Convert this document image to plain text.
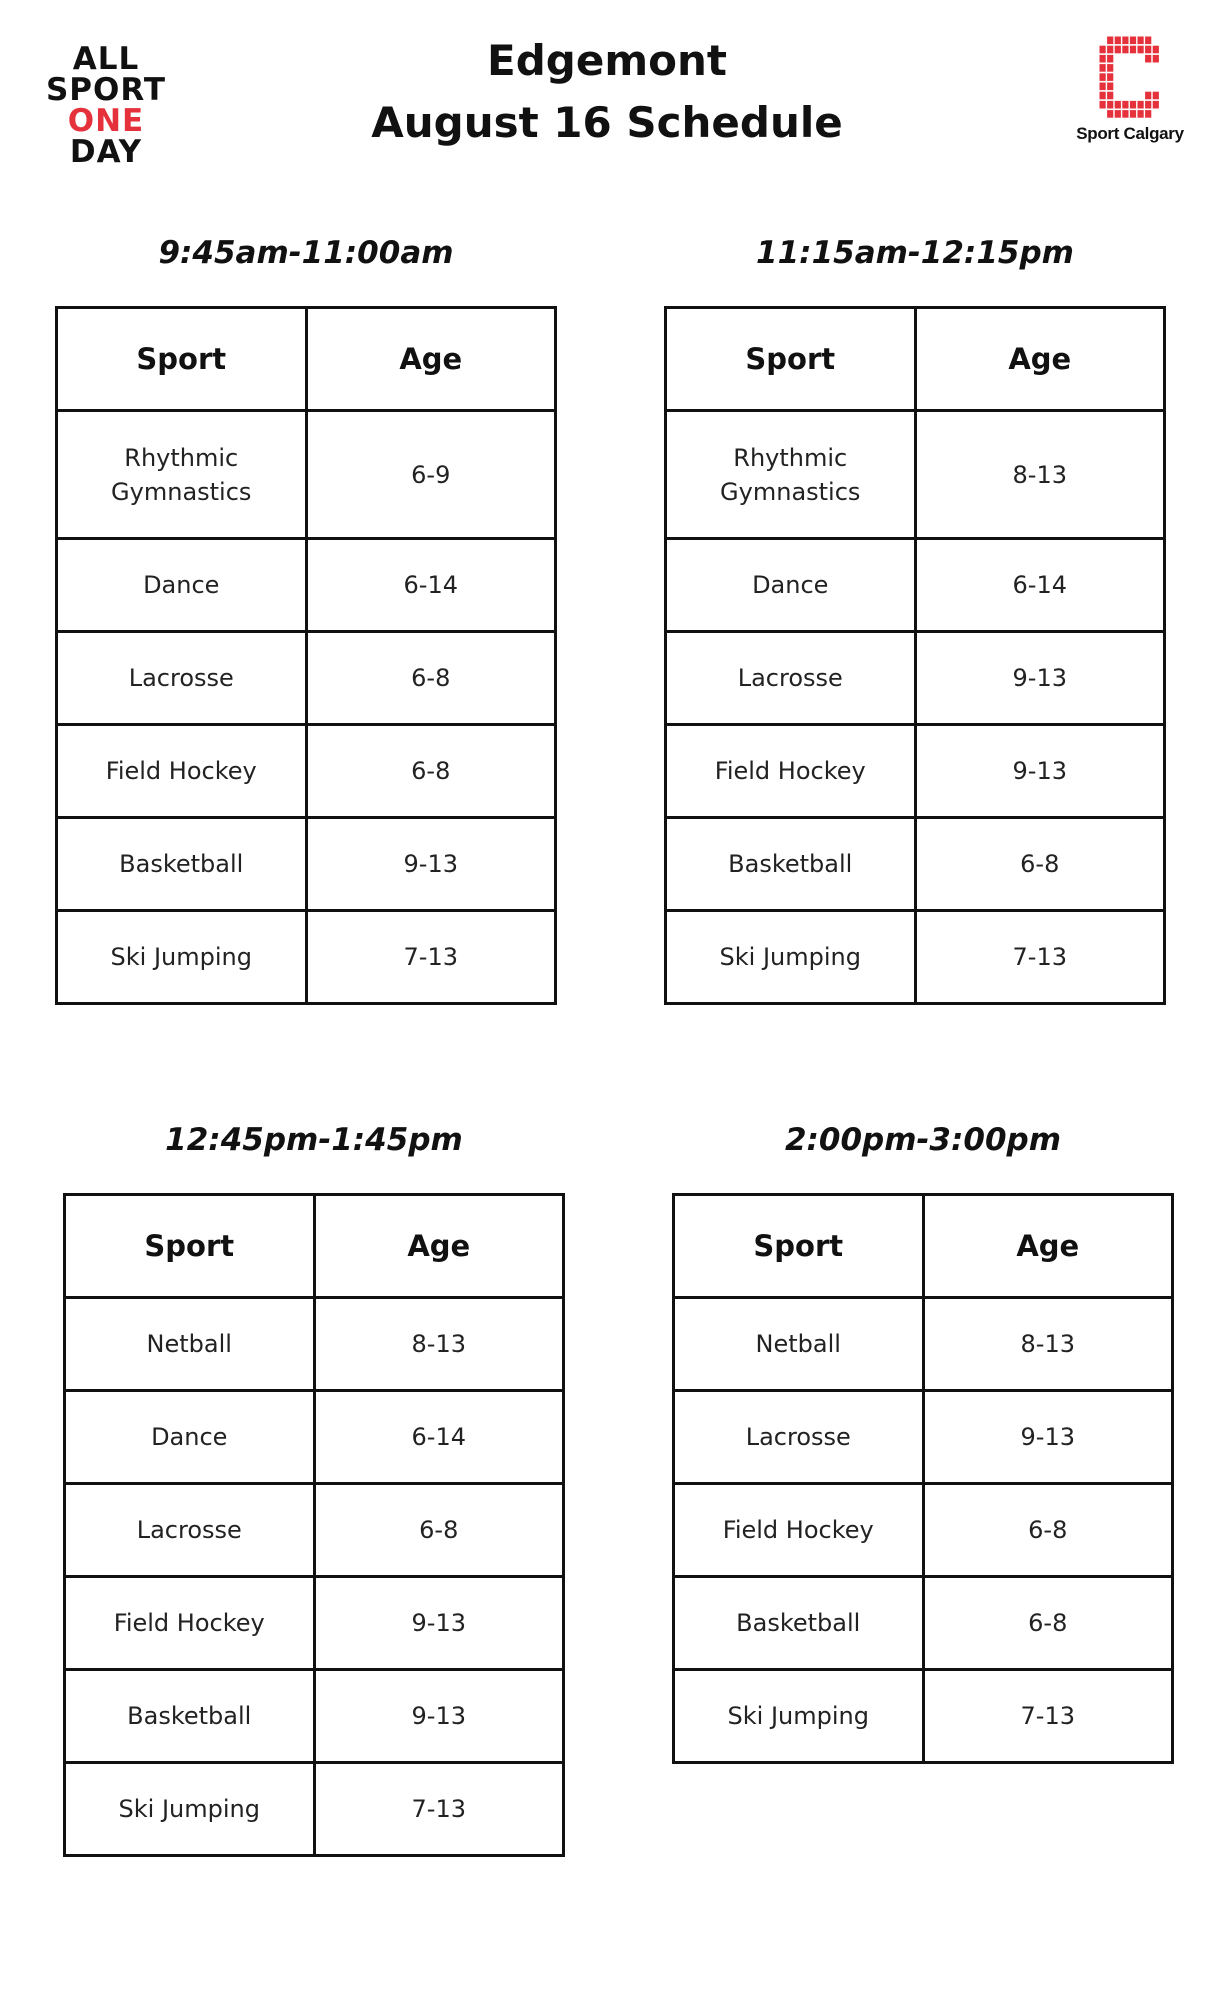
ALL
SPORT
ONE
DAY
Edgemont
August 16 Schedule	Sport Calgary
9:45am-11:00am
Sport	Age
Rhythmic Gymnastics	6-9
Dance	6-14
Lacrosse	6-8
Field Hockey	6-8
Basketball	9-13
Ski Jumping	7-13
11:15am-12:15pm
Sport	Age
Rhythmic Gymnastics	8-13
Dance	6-14
Lacrosse	9-13
Field Hockey	9-13
Basketball	6-8
Ski Jumping	7-13
12:45pm-1:45pm
Sport	Age
Netball	8-13
Dance	6-14
Lacrosse	6-8
Field Hockey	9-13
Basketball	9-13
Ski Jumping	7-13
2:00pm-3:00pm
Sport	Age
Netball	8-13
Lacrosse	9-13
Field Hockey	6-8
Basketball	6-8
Ski Jumping	7-13
